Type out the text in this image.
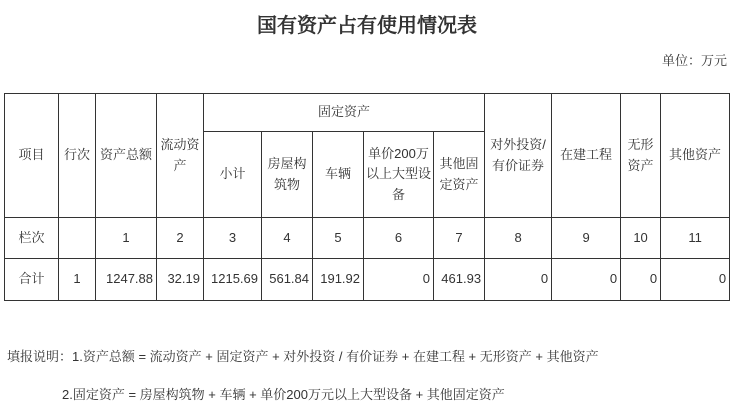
国有资产占有使用情况表
单位：万元
项目	行次	资产总额	流动资产	固定资产					对外投资/有价证券	在建工程	无形资产	其他资产
				小计	房屋构筑物	车辆	单价200万以上大型设备	其他固定资产				
栏次		1	2	3	4	5	6	7	8	9	10	11
合计	1	1247.88	32.19	1215.69	561.84	191.92	0	461.93	0	0	0	0
填报说明：1.资产总额 = 流动资产 + 固定资产 + 对外投资 / 有价证券 + 在建工程 + 无形资产 + 其他资产
2.固定资产 = 房屋构筑物 + 车辆 + 单价200万元以上大型设备 + 其他固定资产
